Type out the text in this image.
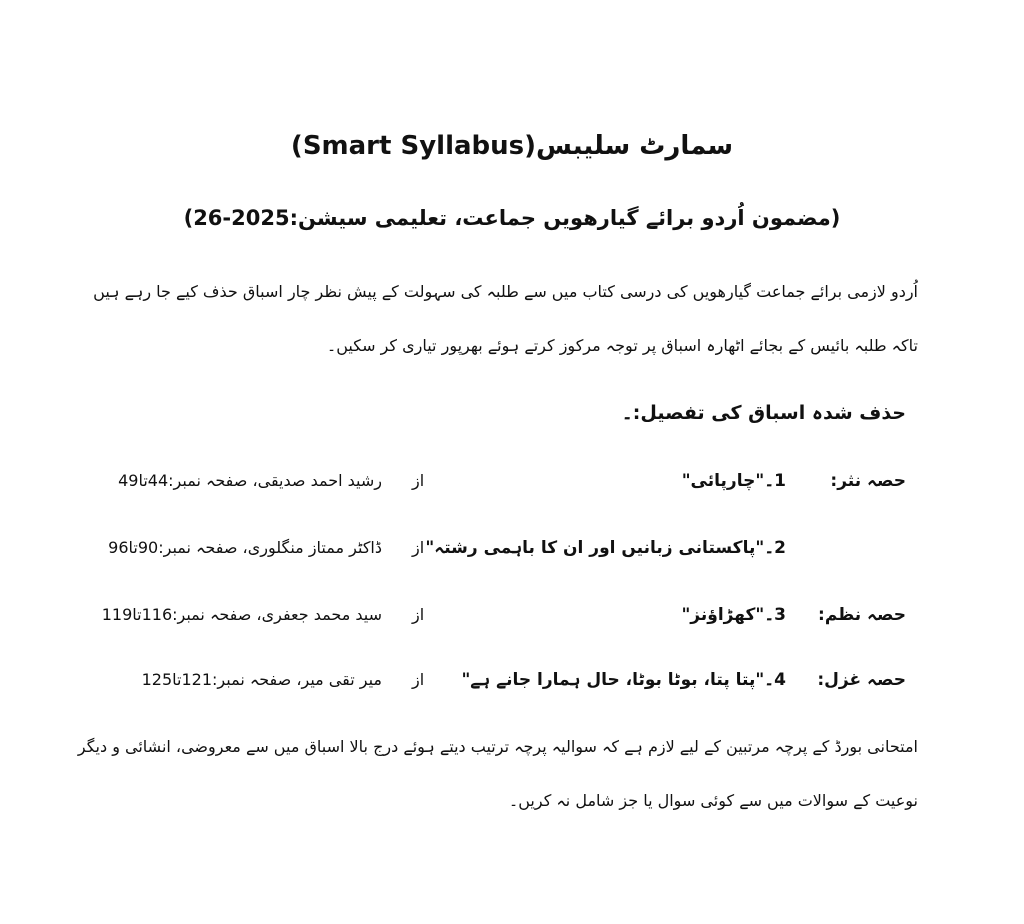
سمارٹ سلیبس(Smart Syllabus)
(مضمون اُردو برائے گیارھویں جماعت، تعلیمی سیشن:2025-26)
اُردو لازمی برائے جماعت گیارھویں کی درسی کتاب میں سے طلبہ کی سہولت کے پیش نظر چار اسباق حذف کیے جا رہے ہیں
تاکہ طلبہ بائیس کے بجائے اٹھارہ اسباق پر توجہ مرکوز کرتے ہوئے بھرپور تیاری کر سکیں۔
حذف شدہ اسباق کی تفصیل:۔
حصہ نثر:
1۔"چارپائی"
از
رشید احمد صدیقی، صفحہ نمبر:44تا49
2۔"پاکستانی زبانیں اور ان کا باہمی رشتہ"
از
ڈاکٹر ممتاز منگلوری، صفحہ نمبر:90تا96
حصہ نظم:
3۔"کھڑاؤنز"
از
سید محمد جعفری، صفحہ نمبر:116تا119
حصہ غزل:
4۔"پتا پتا، بوٹا بوٹا، حال ہمارا جانے ہے"
از
میر تقی میر، صفحہ نمبر:121تا125
امتحانی بورڈ کے پرچہ مرتبین کے لیے لازم ہے کہ سوالیہ پرچہ ترتیب دیتے ہوئے درج بالا اسباق میں سے معروضی، انشائی و دیگر
نوعیت کے سوالات میں سے کوئی سوال یا جز شامل نہ کریں۔
